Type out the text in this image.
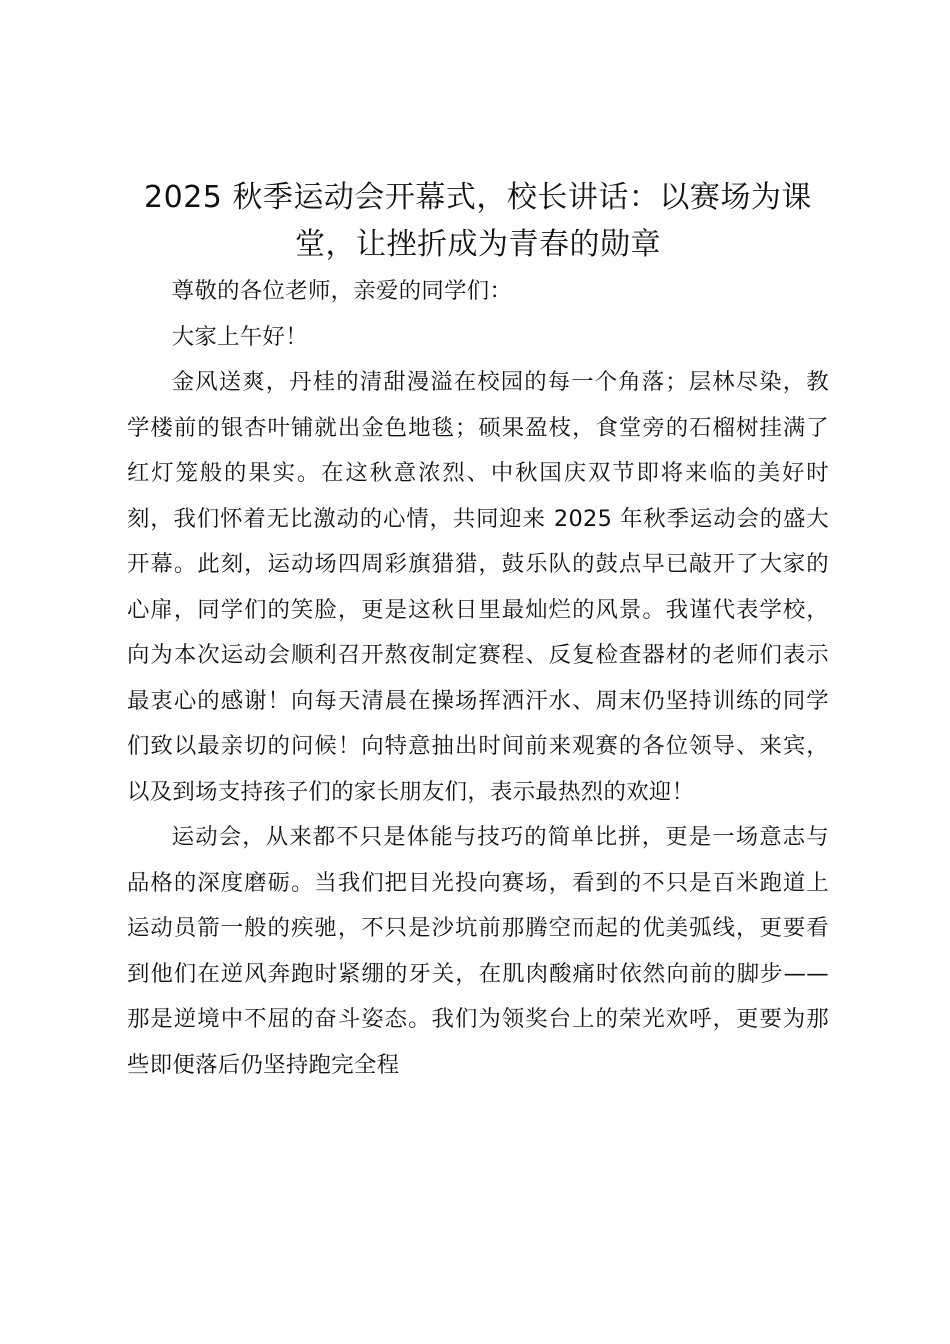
2025 秋季运动会开幕式，校长讲话：以赛场为课堂，让挫折成为青春的勋章

尊敬的各位老师，亲爱的同学们：

大家上午好！

金风送爽，丹桂的清甜漫溢在校园的每一个角落；层林尽染，教学楼前的银杏叶铺就出金色地毯；硕果盈枝，食堂旁的石榴树挂满了红灯笼般的果实。在这秋意浓烈、中秋国庆双节即将来临的美好时刻，我们怀着无比激动的心情，共同迎来 2025 年秋季运动会的盛大开幕。此刻，运动场四周彩旗猎猎，鼓乐队的鼓点早已敲开了大家的心扉，同学们的笑脸，更是这秋日里最灿烂的风景。我谨代表学校，向为本次运动会顺利召开熬夜制定赛程、反复检查器材的老师们表示最衷心的感谢！向每天清晨在操场挥洒汗水、周末仍坚持训练的同学们致以最亲切的问候！向特意抽出时间前来观赛的各位领导、来宾，以及到场支持孩子们的家长朋友们，表示最热烈的欢迎！

运动会，从来都不只是体能与技巧的简单比拼，更是一场意志与品格的深度磨砺。当我们把目光投向赛场，看到的不只是百米跑道上运动员箭一般的疾驰，不只是沙坑前那腾空而起的优美弧线，更要看到他们在逆风奔跑时紧绷的牙关，在肌肉酸痛时依然向前的脚步——那是逆境中不屈的奋斗姿态。我们为领奖台上的荣光欢呼，更要为那些即便落后仍坚持跑完全程
